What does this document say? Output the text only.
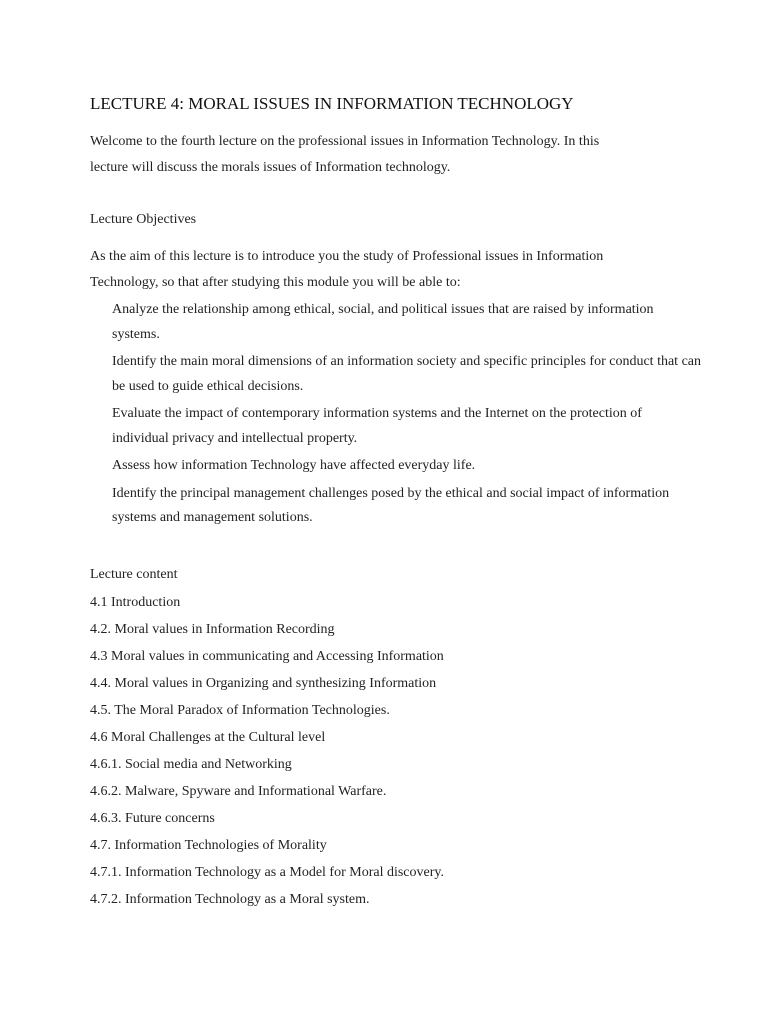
LECTURE 4: MORAL ISSUES IN INFORMATION TECHNOLOGY
Welcome to the fourth lecture on the professional issues in Information Technology. In this
lecture will discuss the morals issues of Information technology.
Lecture Objectives
As the aim of this lecture is to introduce you the study of Professional issues in Information
Technology, so that after studying this module you will be able to:
Analyze the relationship among ethical, social, and political issues that are raised by information systems.
Identify the main moral dimensions of an information society and specific principles for conduct that can be used to guide ethical decisions.
Evaluate the impact of contemporary information systems and the Internet on the protection of individual privacy and intellectual property.
Assess how information Technology have affected everyday life.
Identify the principal management challenges posed by the ethical and social impact of information systems and management solutions.
Lecture content
4.1 Introduction
4.2. Moral values in Information Recording
4.3 Moral values in communicating and Accessing Information
4.4. Moral values in Organizing and synthesizing Information
4.5. The Moral Paradox of Information Technologies.
4.6 Moral Challenges at the Cultural level
4.6.1. Social media and Networking
4.6.2. Malware, Spyware and Informational Warfare.
4.6.3. Future concerns
4.7. Information Technologies of Morality
4.7.1. Information Technology as a Model for Moral discovery.
4.7.2. Information Technology as a Moral system.
